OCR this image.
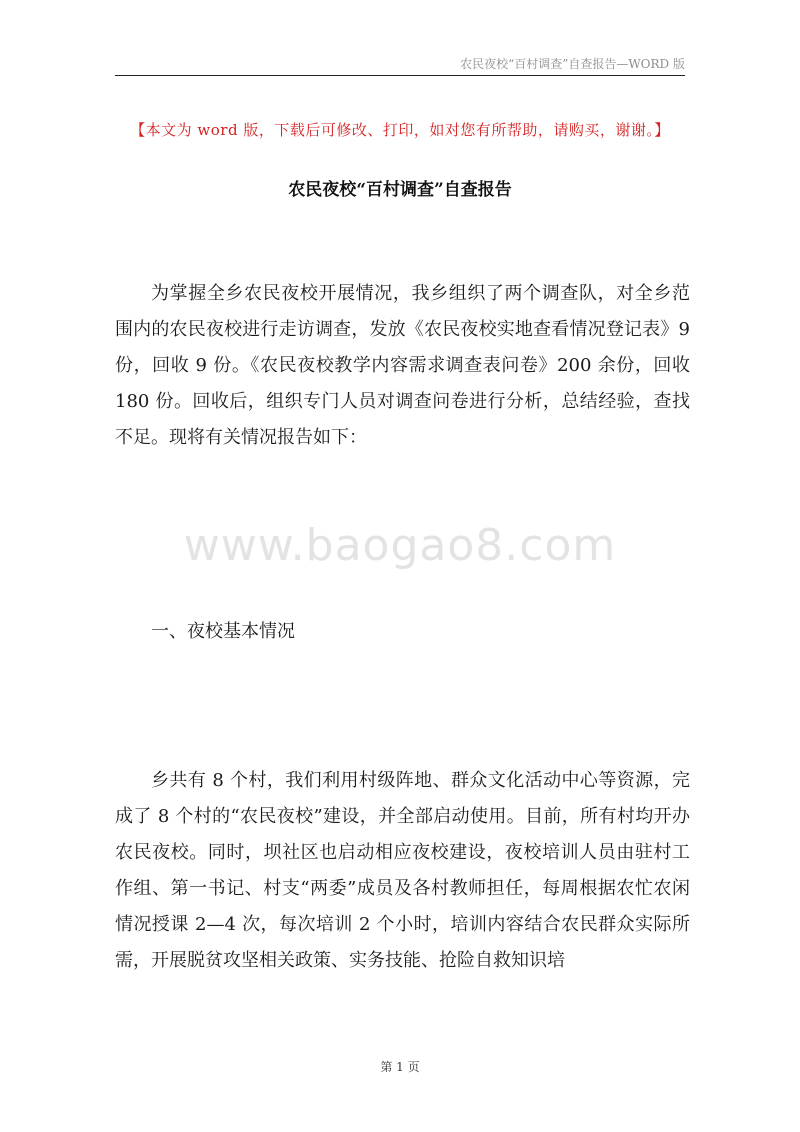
农民夜校“百村调查”自查报告—WORD 版
【本文为 word 版，下载后可修改、打印，如对您有所帮助，请购买，谢谢。】
农民夜校“百村调查”自查报告

为掌握全乡农民夜校开展情况，我乡组织了两个调查队，对全乡范围内的农民夜校进行走访调查，发放《农民夜校实地查看情况登记表》9 份，回收 9 份。《农民夜校教学内容需求调查表问卷》200 余份，回收 180 份。回收后，组织专门人员对调查问卷进行分析，总结经验，查找不足。现将有关情况报告如下：

www.baogao8.com
一、夜校基本情况

乡共有 8 个村，我们利用村级阵地、群众文化活动中心等资源，完成了 8 个村的“农民夜校”建设，并全部启动使用。目前，所有村均开办农民夜校。同时，坝社区也启动相应夜校建设，夜校培训人员由驻村工作组、第一书记、村支“两委”成员及各村教师担任，每周根据农忙农闲情况授课 2—4 次，每次培训 2 个小时，培训内容结合农民群众实际所需，开展脱贫攻坚相关政策、实务技能、抢险自救知识培

第 1 页
